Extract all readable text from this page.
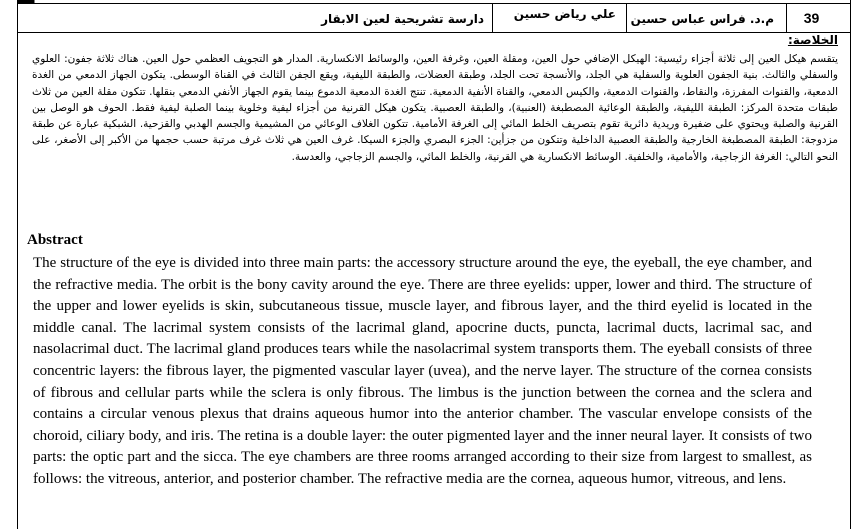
دارسة تشريحية لعين الابقار علي رياض حسين م.د. فراس عباس حسين 39
الخلاصة:
يتقسم هيكل العين إلى ثلاثة أجزاء رئيسية: الهيكل الإضافي حول العين، ومقلة العين، وغرفة العين، والوسائط الانكسارية. المدار هو التجويف العظمي حول العين. هناك ثلاثة جفون: العلوي والسفلي والثالث. بنية الجفون العلوية والسفلية هي الجلد، والأنسجة تحت الجلد، وطبقة العضلات، والطبقة الليفية، ويقع الجفن الثالث في القناة الوسطى. يتكون الجهاز الدمعي من الغدة الدمعية، والقنوات المفرزة، والنقاط، والقنوات الدمعية، والكيس الدمعي، والقناة الأنفية الدمعية. تنتج الغدة الدمعية الدموع بينما يقوم الجهاز الأنفي الدمعي بنقلها. تتكون مقلة العين من ثلاث طبقات متحدة المركز: الطبقة الليفية، والطبقة الوعائية المصطبغة (العنبية)، والطبقة العصبية. يتكون هيكل القرنية من أجزاء ليفية وخلوية بينما الصلبة ليفية فقط. الحوف هو الوصل بين القرنية والصلبة ويحتوي على ضفيرة وريدية دائرية تقوم بتصريف الخلط المائي إلى الغرفة الأمامية. تتكون الغلاف الوعائي من المشيمية والجسم الهدبي والقزحية. الشبكية عبارة عن طبقة مزدوجة: الطبقة المصطبغة الخارجية والطبقة العصبية الداخلية وتتكون من جزأين: الجزء البصري والجزء السيكا. غرف العين هي ثلاث غرف مرتبة حسب حجمها من الأكبر إلى الأصغر، على النحو التالي: الغرفة الزجاجية، والأمامية، والخلفية. الوسائط الانكسارية هي القرنية، والخلط المائي، والجسم الزجاجي، والعدسة.
Abstract
The structure of the eye is divided into three main parts: the accessory structure around the eye, the eyeball, the eye chamber, and the refractive media. The orbit is the bony cavity around the eye. There are three eyelids: upper, lower and third. The structure of the upper and lower eyelids is skin, subcutaneous tissue, muscle layer, and fibrous layer, and the third eyelid is located in the middle canal. The lacrimal system consists of the lacrimal gland, apocrine ducts, puncta, lacrimal ducts, lacrimal sac, and nasolacrimal duct. The lacrimal gland produces tears while the nasolacrimal system transports them. The eyeball consists of three concentric layers: the fibrous layer, the pigmented vascular layer (uvea), and the nerve layer. The structure of the cornea consists of fibrous and cellular parts while the sclera is only fibrous. The limbus is the junction between the cornea and the sclera and contains a circular venous plexus that drains aqueous humor into the anterior chamber. The vascular envelope consists of the choroid, ciliary body, and iris. The retina is a double layer: the outer pigmented layer and the inner neural layer. It consists of two parts: the optic part and the sicca. The eye chambers are three rooms arranged according to their size from largest to smallest, as follows: the vitreous, anterior, and posterior chamber. The refractive media are the cornea, aqueous humor, vitreous, and lens.
